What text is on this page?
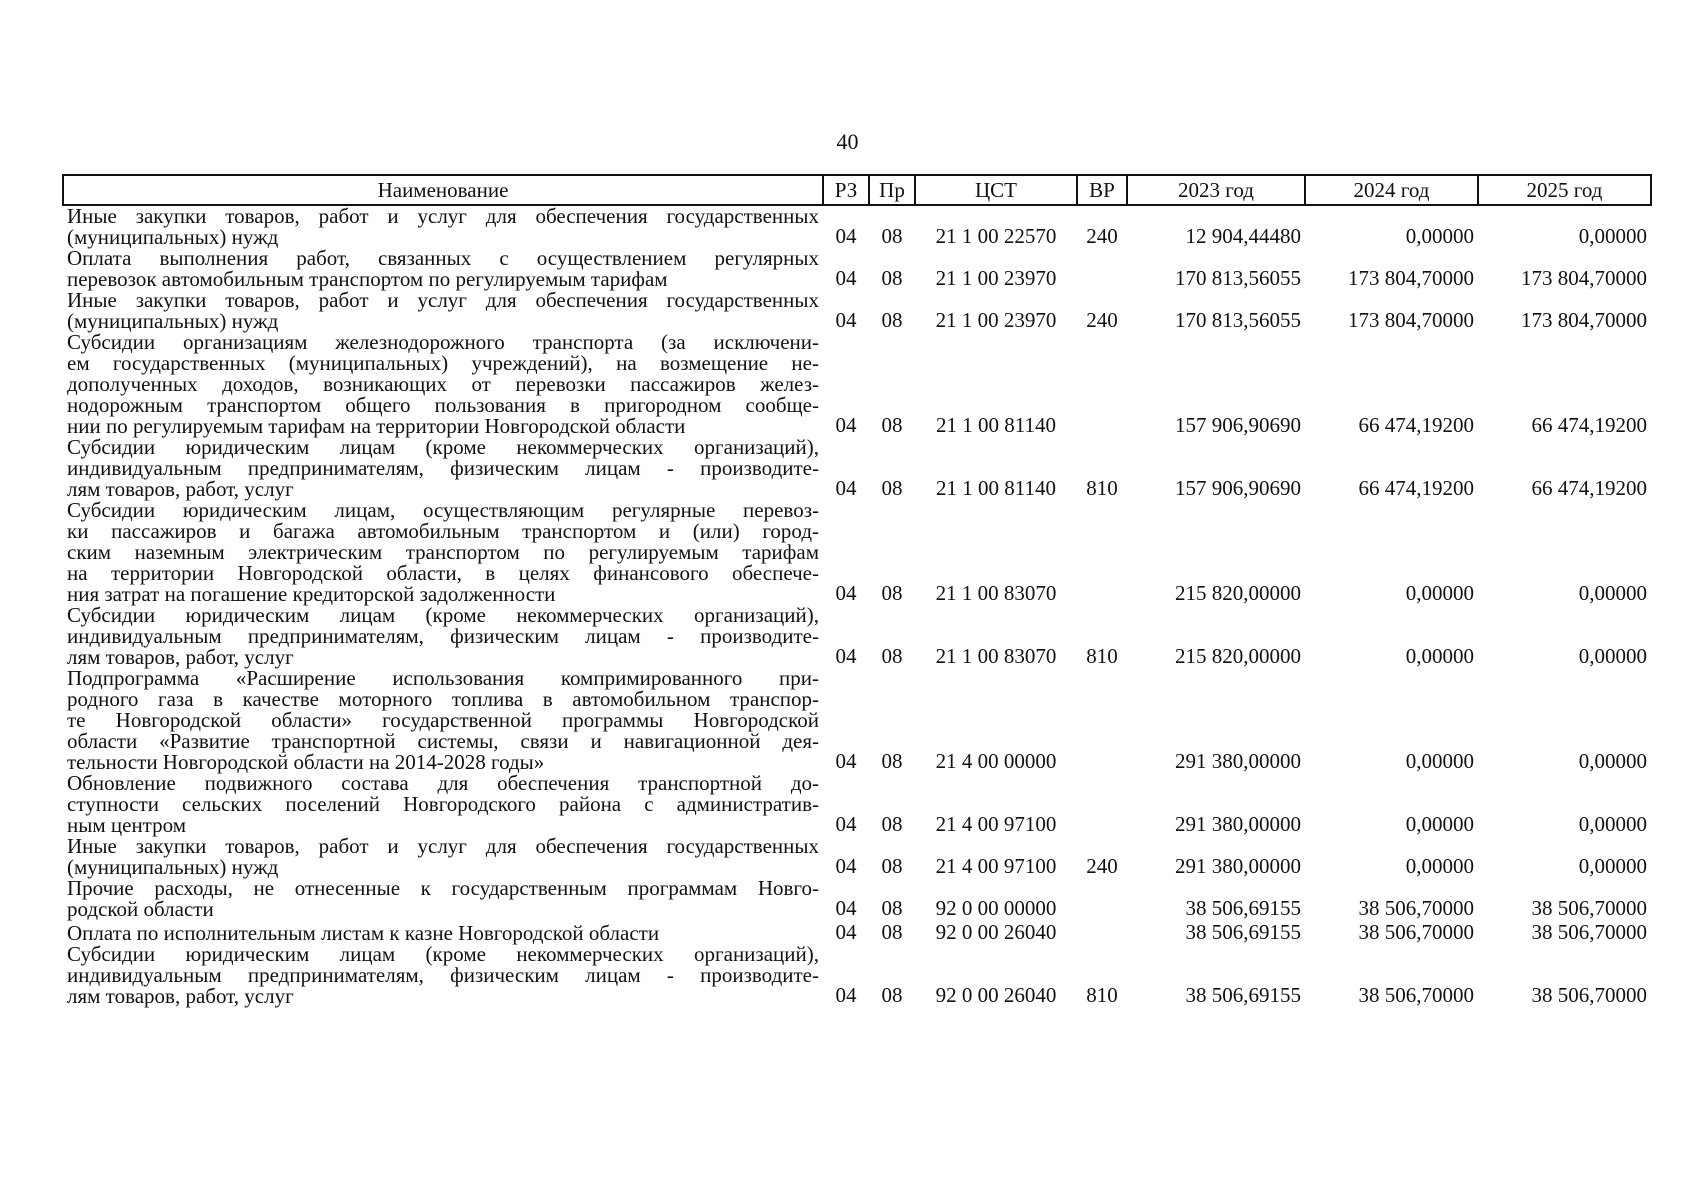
40
Наименование	РЗ	Пр	ЦСТ	ВР	2023 год	2024 год	2025 год

Иные закупки товаров, работ и услуг для обеспечения государственных
(муниципальных) нужд	04	08	21 1 00 22570	240	12 904,44480	0,00000	0,00000

Оплата выполнения работ, связанных с осуществлением регулярных
перевозок автомобильным транспортом по регулируемым тарифам	04	08	21 1 00 23970		170 813,56055	173 804,70000	173 804,70000

Иные закупки товаров, работ и услуг для обеспечения государственных
(муниципальных) нужд	04	08	21 1 00 23970	240	170 813,56055	173 804,70000	173 804,70000

Субсидии организациям железнодорожного транспорта (за исключени-
ем государственных (муниципальных) учреждений), на возмещение не-
дополученных доходов, возникающих от перевозки пассажиров желез-
нодорожным транспортом общего пользования в пригородном сообще-
нии по регулируемым тарифам на территории Новгородской области	04	08	21 1 00 81140		157 906,90690	66 474,19200	66 474,19200

Субсидии юридическим лицам (кроме некоммерческих организаций),
индивидуальным предпринимателям, физическим лицам - производите-
лям товаров, работ, услуг	04	08	21 1 00 81140	810	157 906,90690	66 474,19200	66 474,19200

Субсидии юридическим лицам, осуществляющим регулярные перевоз-
ки пассажиров и багажа автомобильным транспортом и (или) город-
ским наземным электрическим транспортом по регулируемым тарифам
на территории Новгородской области, в целях финансового обеспече-
ния затрат на погашение кредиторской задолженности	04	08	21 1 00 83070		215 820,00000	0,00000	0,00000

Субсидии юридическим лицам (кроме некоммерческих организаций),
индивидуальным предпринимателям, физическим лицам - производите-
лям товаров, работ, услуг	04	08	21 1 00 83070	810	215 820,00000	0,00000	0,00000

Подпрограмма «Расширение использования компримированного при-
родного газа в качестве моторного топлива в автомобильном транспор-
те Новгородской области» государственной программы Новгородской
области «Развитие транспортной системы, связи и навигационной дея-
тельности Новгородской области на 2014-2028 годы»	04	08	21 4 00 00000		291 380,00000	0,00000	0,00000

Обновление подвижного состава для обеспечения транспортной до-
ступности сельских поселений Новгородского района с административ-
ным центром	04	08	21 4 00 97100		291 380,00000	0,00000	0,00000

Иные закупки товаров, работ и услуг для обеспечения государственных
(муниципальных) нужд	04	08	21 4 00 97100	240	291 380,00000	0,00000	0,00000

Прочие расходы, не отнесенные к государственным программам Новго-
родской области	04	08	92 0 00 00000		38 506,69155	38 506,70000	38 506,70000

Оплата по исполнительным листам к казне Новгородской области	04	08	92 0 00 26040		38 506,69155	38 506,70000	38 506,70000

Субсидии юридическим лицам (кроме некоммерческих организаций),
индивидуальным предпринимателям, физическим лицам - производите-
лям товаров, работ, услуг	04	08	92 0 00 26040	810	38 506,69155	38 506,70000	38 506,70000
